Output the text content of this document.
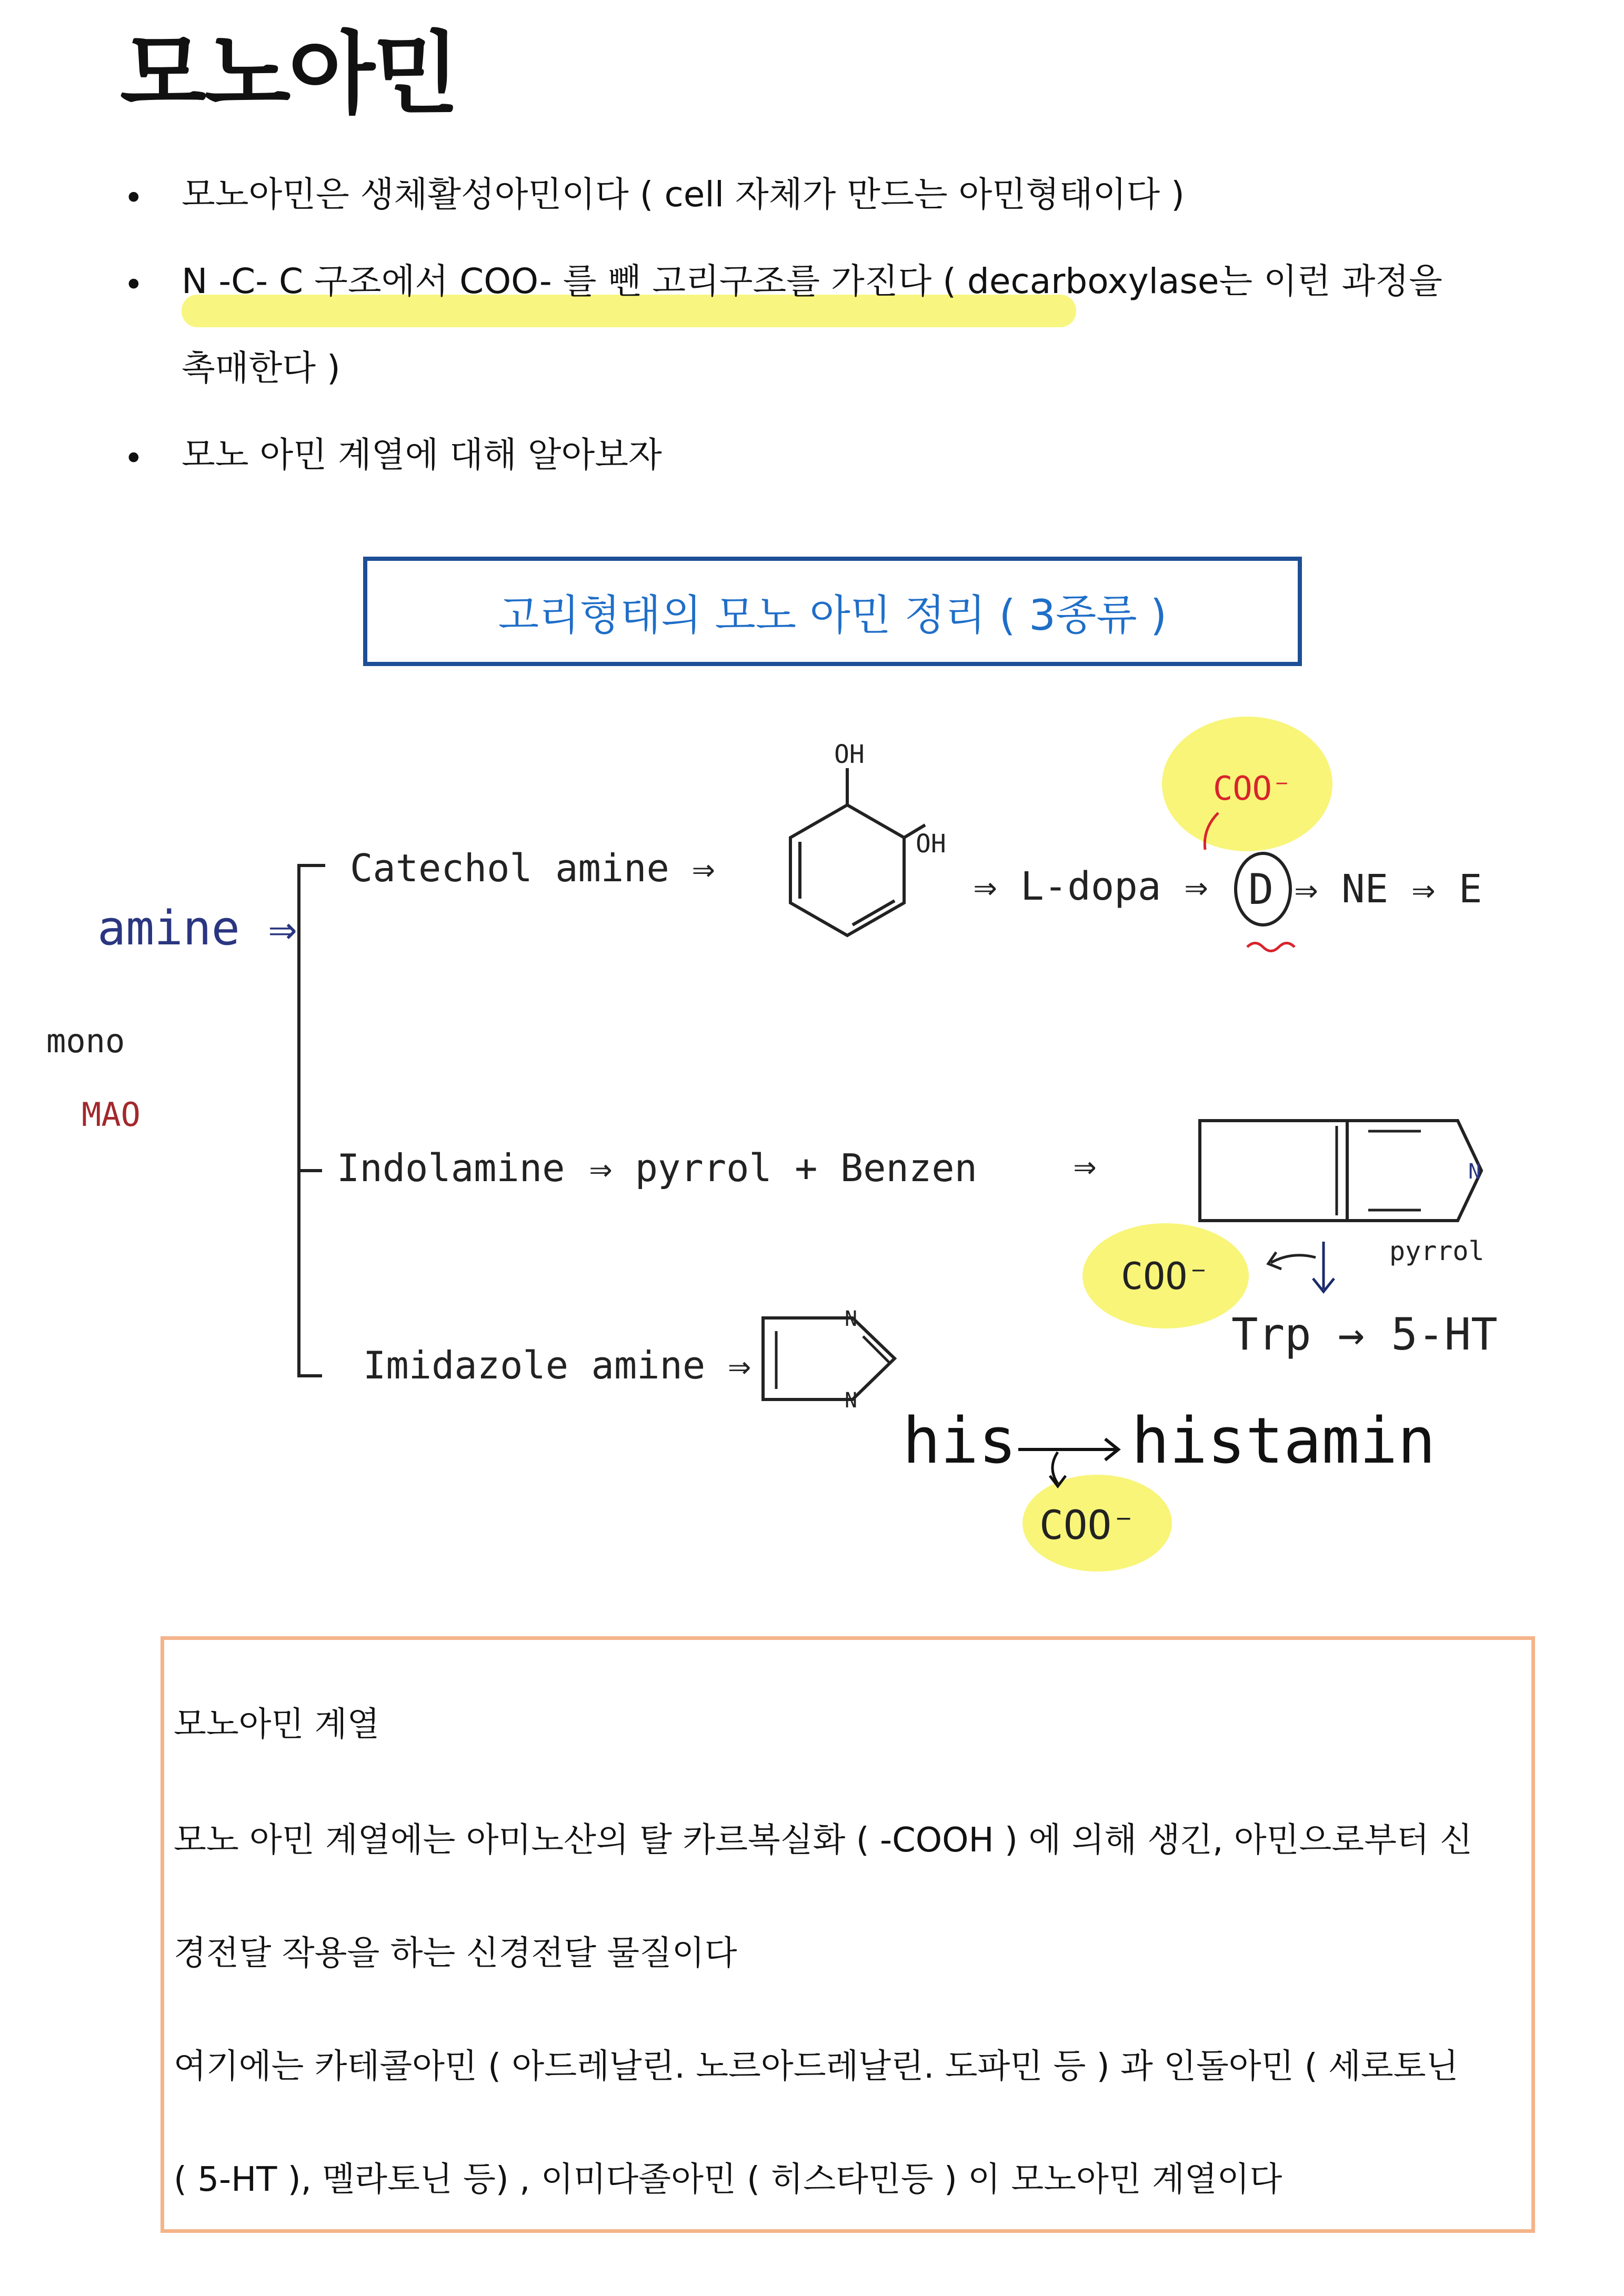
모노아민
• 모노아민은 생체활성아민이다 ( cell 자체가 만드는 아민형태이다 )
• N -C- C 구조에서 COO- 를 뺀 고리구조를 가진다 ( decarboxylase는 이런 과정을
촉매한다 )
• 모노 아민 계열에 대해 알아보자
고리형태의 모노 아민 정리 ( 3종류 )
amine ⇒
mono
MAO
Catechol amine ⇒
OH
OH
⇒ L-dopa ⇒ D ⇒ NE ⇒ E
COO⁻
Indolamine ⇒ pyrrol + Benzen	⇒	N
pyrrol
COO⁻
Trp → 5-HT
Imidazole amine ⇒
N
N
his histamin
COO⁻
모노아민 계열
모노 아민 계열에는 아미노산의 탈 카르복실화 ( -COOH ) 에 의해 생긴, 아민으로부터 신
경전달 작용을 하는 신경전달 물질이다
여기에는 카테콜아민 ( 아드레날린. 노르아드레날린. 도파민 등 ) 과 인돌아민 ( 세로토닌
( 5-HT ), 멜라토닌 등) , 이미다졸아민 ( 히스타민등 ) 이 모노아민 계열이다
